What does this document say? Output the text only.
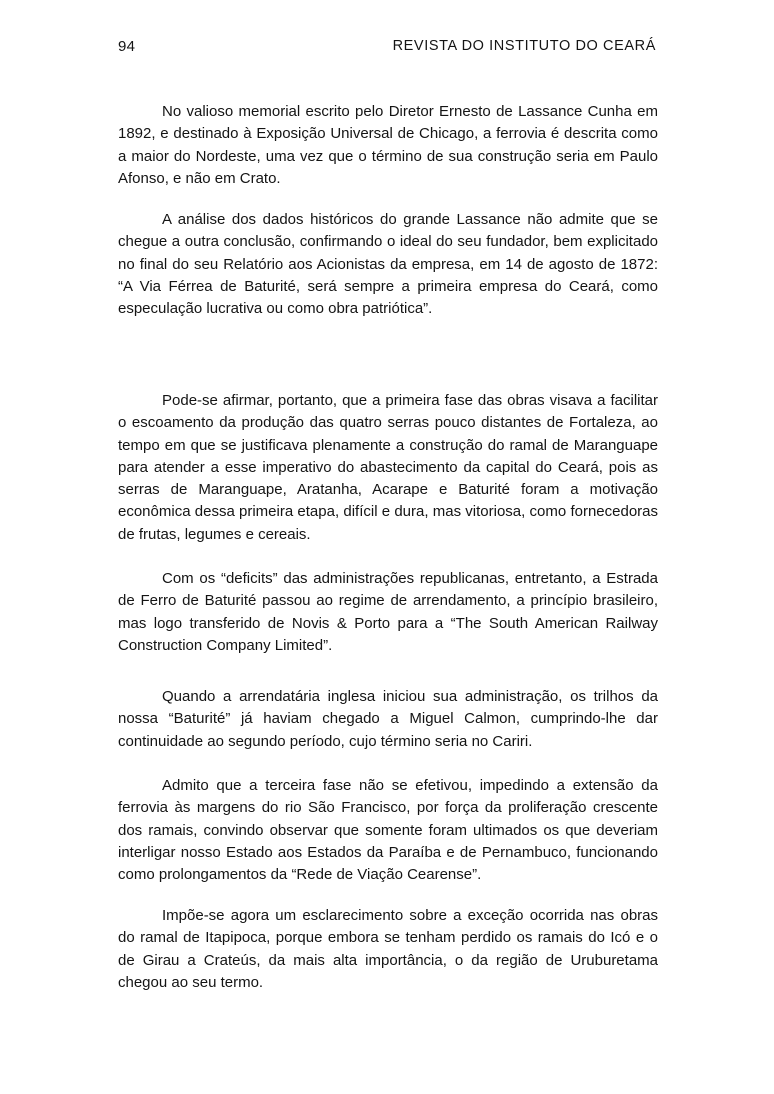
94	REVISTA DO INSTITUTO DO CEARÁ

No valioso memorial escrito pelo Diretor Ernesto de Lassance Cunha em 1892, e destinado à Exposição Universal de Chicago, a ferrovia é descrita como a maior do Nordeste, uma vez que o término de sua construção seria em Paulo Afonso, e não em Crato.

A análise dos dados históricos do grande Lassance não admite que se chegue a outra conclusão, confirmando o ideal do seu fundador, bem explicitado no final do seu Relatório aos Acionistas da empresa, em 14 de agosto de 1872: “A Via Férrea de Baturité, será sempre a primeira empresa do Ceará, como especulação lucrativa ou como obra patriótica”.

Pode-se afirmar, portanto, que a primeira fase das obras visava a facilitar o escoamento da produção das quatro serras pouco distantes de Fortaleza, ao tempo em que se justificava plenamente a construção do ramal de Maranguape para atender a esse imperativo do abastecimento da capital do Ceará, pois as serras de Maranguape, Aratanha, Acarape e Baturité foram a motivação econômica dessa primeira etapa, difícil e dura, mas vitoriosa, como fornecedoras de frutas, legumes e cereais.

Com os “deficits” das administrações republicanas, entretanto, a Estrada de Ferro de Baturité passou ao regime de arrendamento, a princípio brasileiro, mas logo transferido de Novis & Porto para a “The South American Railway Construction Company Limited”.

Quando a arrendatária inglesa iniciou sua administração, os trilhos da nossa “Baturité” já haviam chegado a Miguel Calmon, cumprindo-lhe dar continuidade ao segundo período, cujo término seria no Cariri.

Admito que a terceira fase não se efetivou, impedindo a extensão da ferrovia às margens do rio São Francisco, por força da proliferação crescente dos ramais, convindo observar que somente foram ultimados os que deveriam interligar nosso Estado aos Estados da Paraíba e de Pernambuco, funcionando como prolongamentos da “Rede de Viação Cearense”.

Impõe-se agora um esclarecimento sobre a exceção ocorrida nas obras do ramal de Itapipoca, porque embora se tenham perdido os ramais do Icó e o de Girau a Crateús, da mais alta importância, o da região de Uruburetama chegou ao seu termo.
